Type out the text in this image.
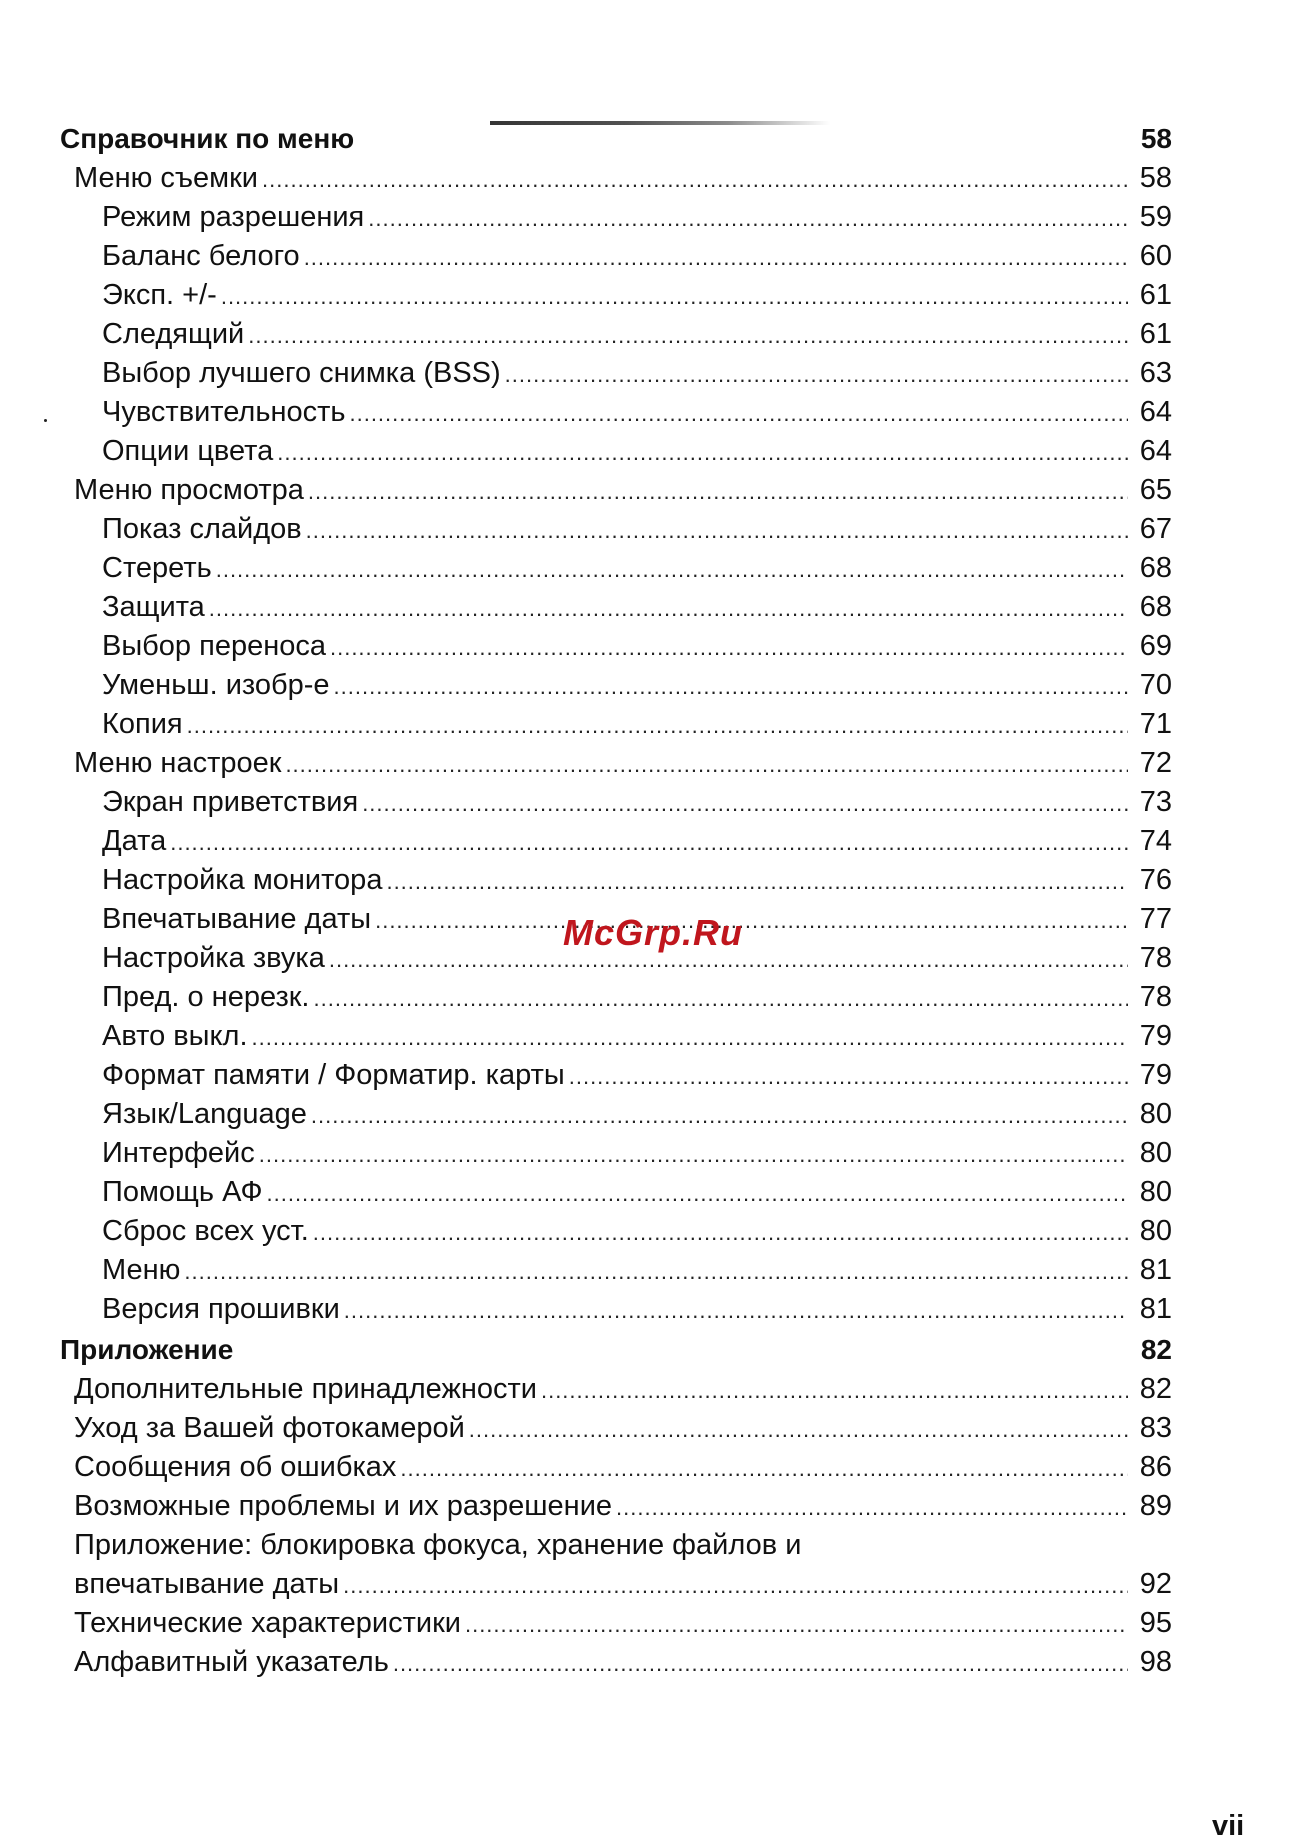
Справочник по меню	58
Меню съемки .....	58
Режим разрешения .....	59
Баланс белого .....	60
Эксп. +/- .....	61
Следящий .....	61
Выбор лучшего снимка (BSS) .....	63
Чувствительность .....	64
Опции цвета .....	64
Меню просмотра .....	65
Показ слайдов .....	67
Стереть .....	68
Защита .....	68
Выбор переноса .....	69
Уменьш. изобр-е .....	70
Копия .....	71
Меню настроек .....	72
Экран приветствия .....	73
Дата .....	74
Настройка монитора .....	76
Впечатывание даты .....	77
Настройка звука .....	78
Пред. о нерезк. .....	78
Авто выкл. .....	79
Формат памяти / Форматир. карты .....	79
Язык/Language .....	80
Интерфейс .....	80
Помощь АФ .....	80
Сброс всех уст. .....	80
Меню .....	81
Версия прошивки .....	81
Приложение	82
Дополнительные принадлежности .....	82
Уход за Вашей фотокамерой .....	83
Сообщения об ошибках .....	86
Возможные проблемы и их разрешение .....	89
Приложение: блокировка фокуса, хранение файлов и
впечатывание даты .....	92
Технические характеристики .....	95
Алфавитный указатель .....	98
McGrp.Ru
vii
